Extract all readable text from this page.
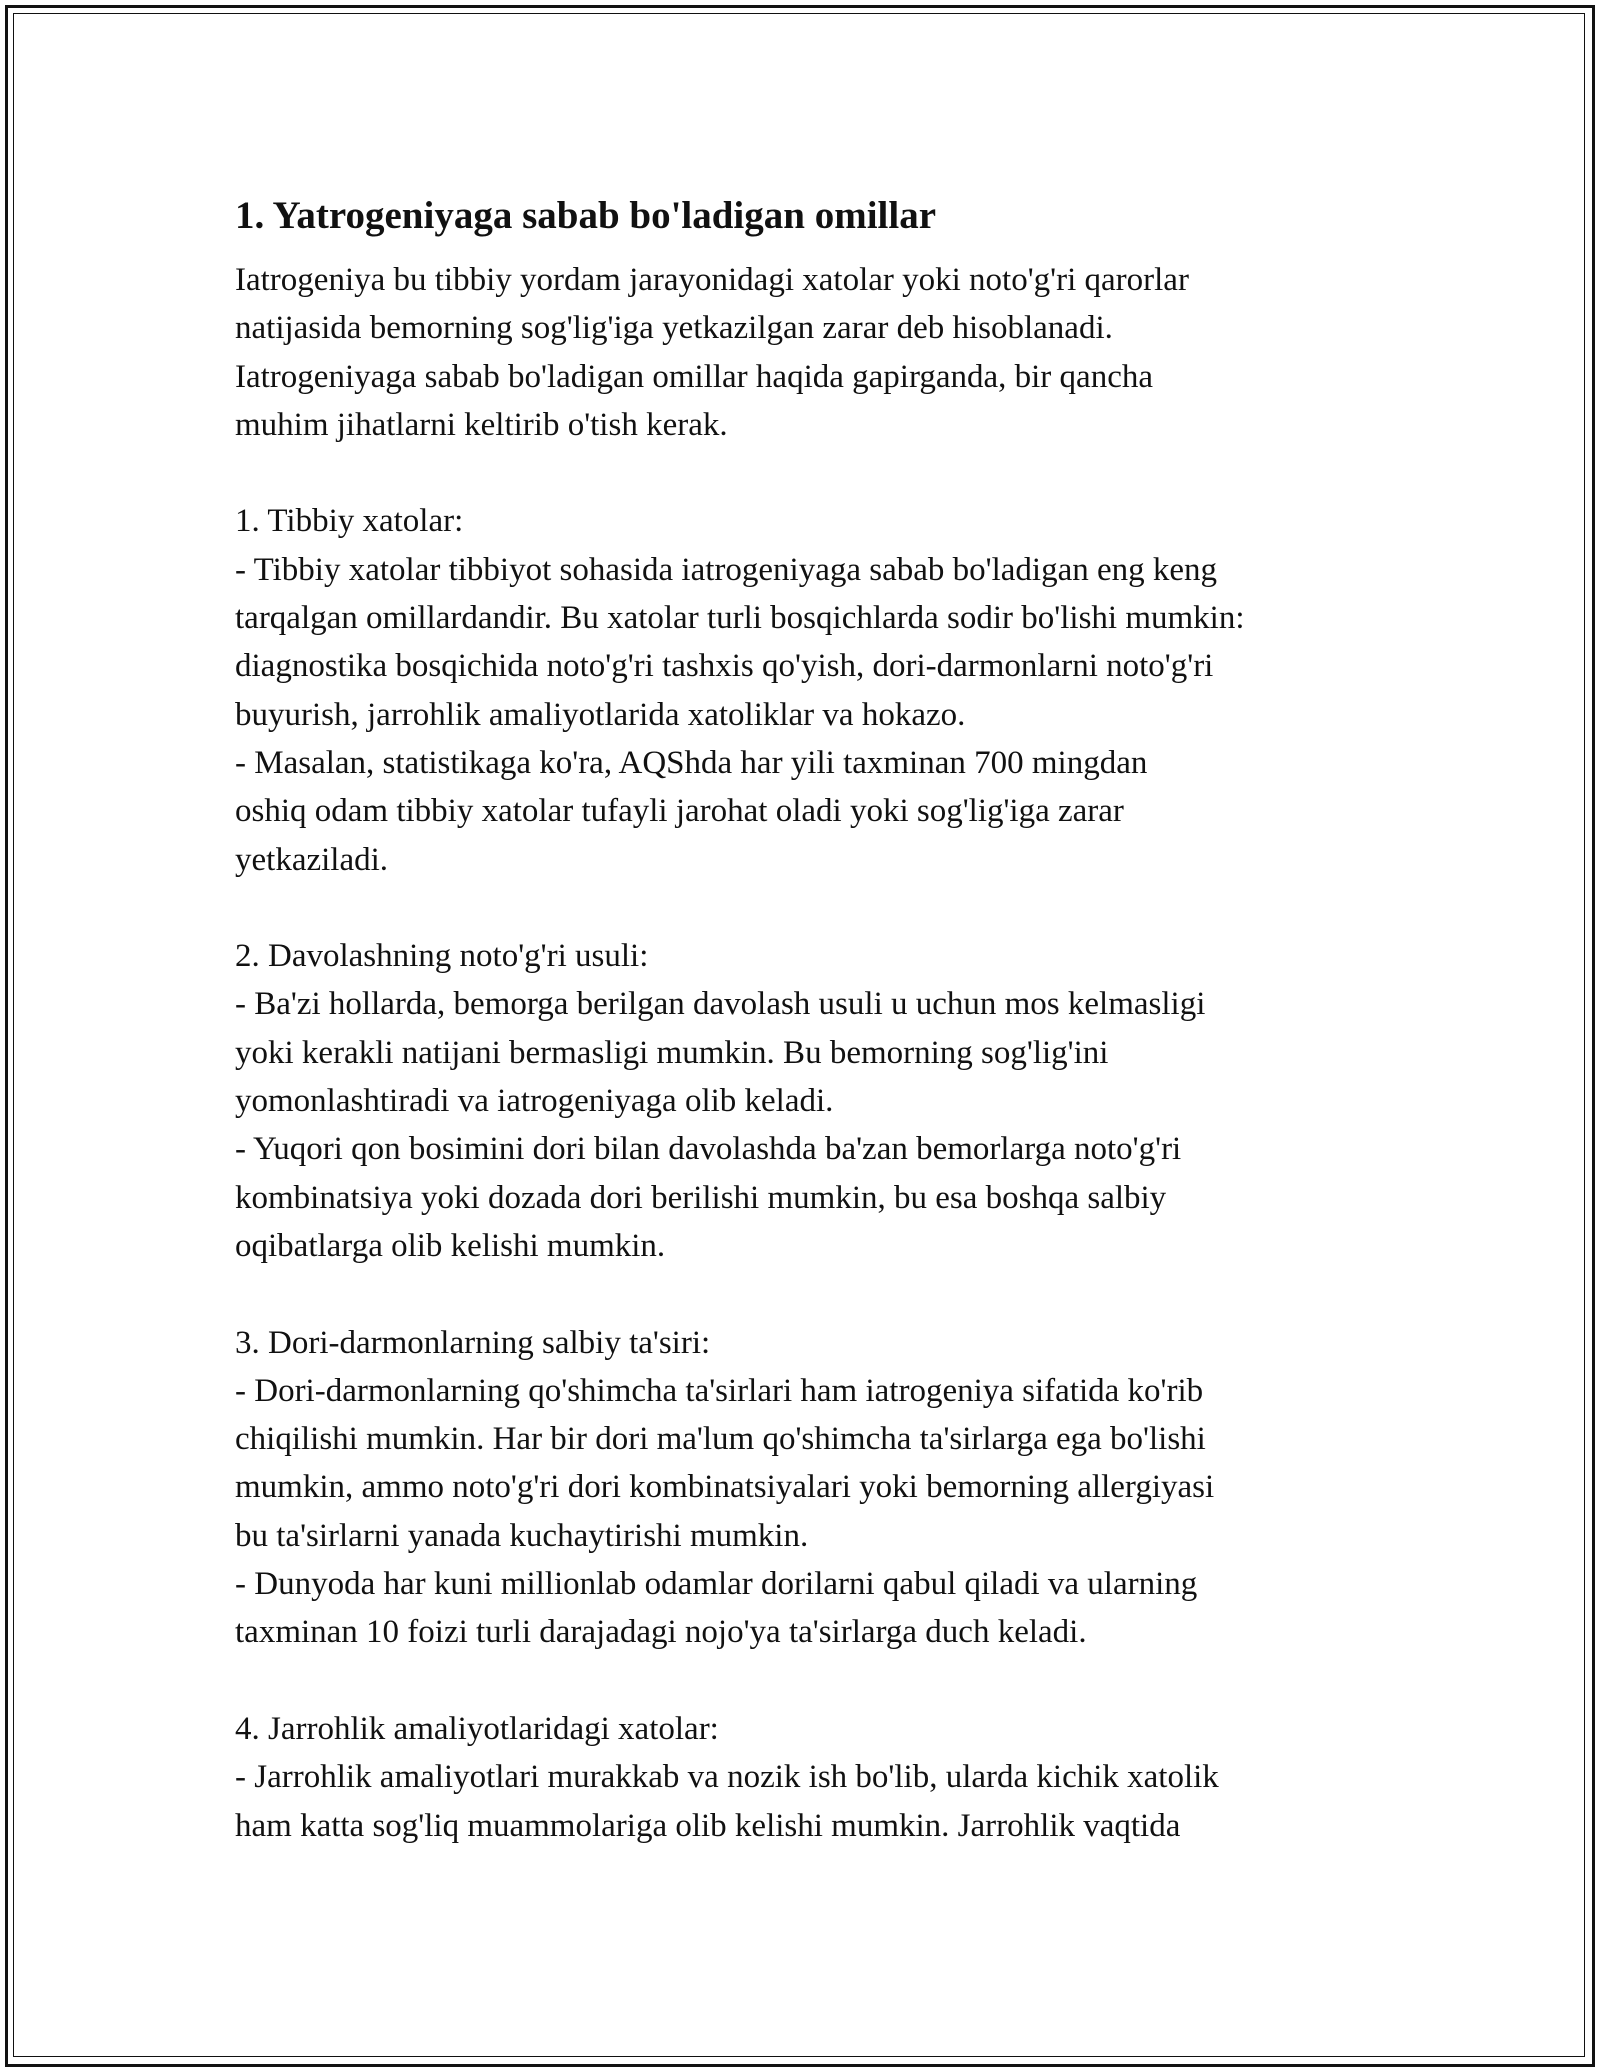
1. Yatrogeniyaga sabab bo'ladigan omillar

Iatrogeniya bu tibbiy yordam jarayonidagi xatolar yoki noto'g'ri qarorlar
natijasida bemorning sog'lig'iga yetkazilgan zarar deb hisoblanadi.
Iatrogeniyaga sabab bo'ladigan omillar haqida gapirganda, bir qancha
muhim jihatlarni keltirib o'tish kerak.

1. Tibbiy xatolar:

- Tibbiy xatolar tibbiyot sohasida iatrogeniyaga sabab bo'ladigan eng keng
tarqalgan omillardandir. Bu xatolar turli bosqichlarda sodir bo'lishi mumkin:
diagnostika bosqichida noto'g'ri tashxis qo'yish, dori-darmonlarni noto'g'ri
buyurish, jarrohlik amaliyotlarida xatoliklar va hokazo.
- Masalan, statistikaga ko'ra, AQShda har yili taxminan 700 mingdan
oshiq odam tibbiy xatolar tufayli jarohat oladi yoki sog'lig'iga zarar
yetkaziladi.

2. Davolashning noto'g'ri usuli:

- Ba'zi hollarda, bemorga berilgan davolash usuli u uchun mos kelmasligi
yoki kerakli natijani bermasligi mumkin. Bu bemorning sog'lig'ini
yomonlashtiradi va iatrogeniyaga olib keladi.
- Yuqori qon bosimini dori bilan davolashda ba'zan bemorlarga noto'g'ri
kombinatsiya yoki dozada dori berilishi mumkin, bu esa boshqa salbiy
oqibatlarga olib kelishi mumkin.

3. Dori-darmonlarning salbiy ta'siri:

- Dori-darmonlarning qo'shimcha ta'sirlari ham iatrogeniya sifatida ko'rib
chiqilishi mumkin. Har bir dori ma'lum qo'shimcha ta'sirlarga ega bo'lishi
mumkin, ammo noto'g'ri dori kombinatsiyalari yoki bemorning allergiyasi
bu ta'sirlarni yanada kuchaytirishi mumkin.
- Dunyoda har kuni millionlab odamlar dorilarni qabul qiladi va ularning
taxminan 10 foizi turli darajadagi nojo'ya ta'sirlarga duch keladi.

4. Jarrohlik amaliyotlaridagi xatolar:

- Jarrohlik amaliyotlari murakkab va nozik ish bo'lib, ularda kichik xatolik
ham katta sog'liq muammolariga olib kelishi mumkin. Jarrohlik vaqtida
